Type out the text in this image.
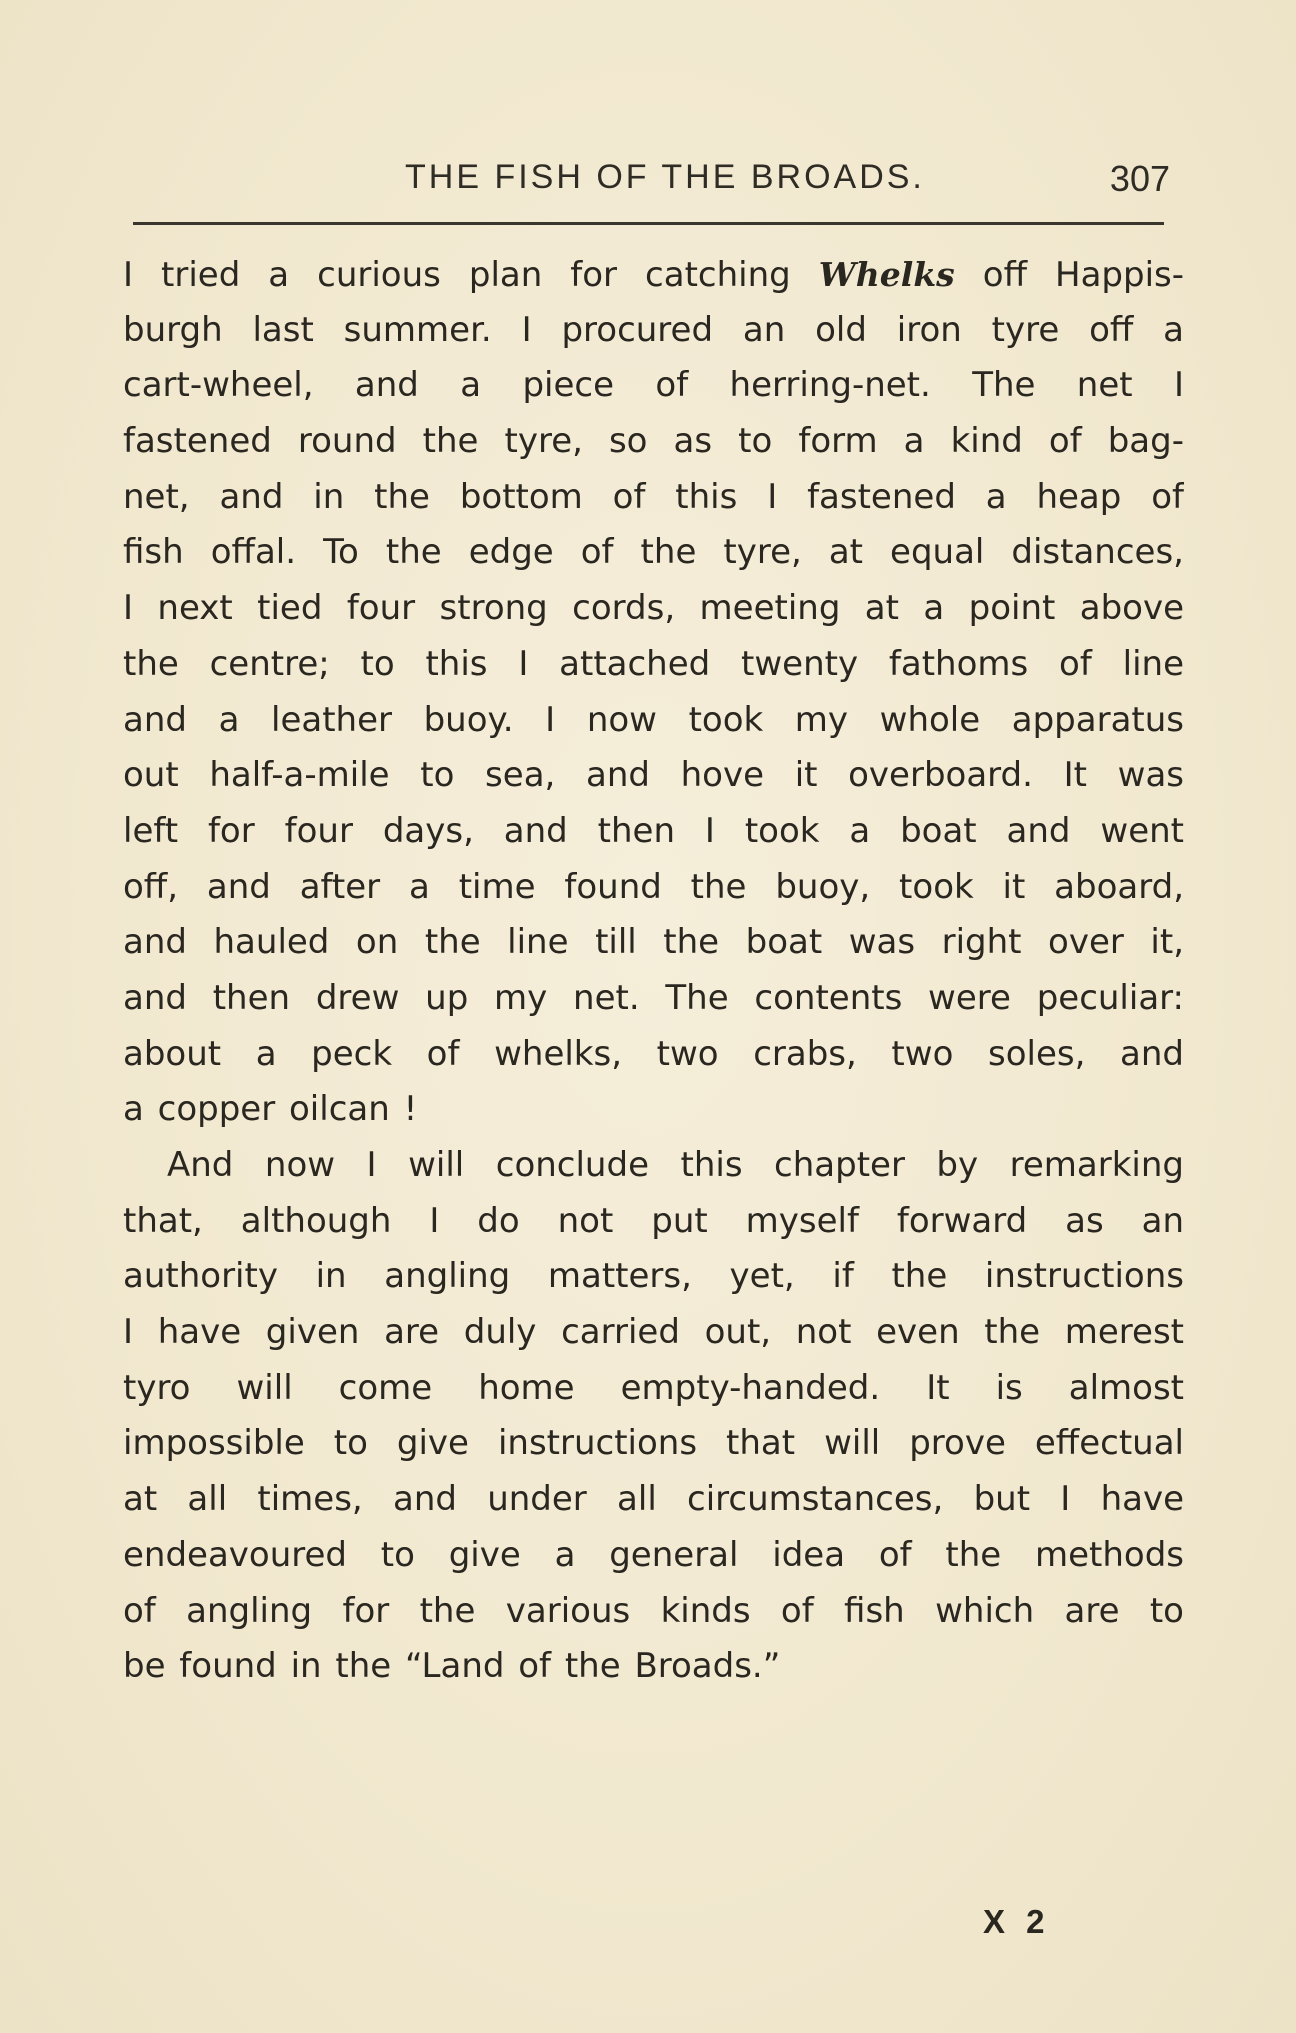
THE FISH OF THE BROADS.	307
I tried a curious plan for catching Whelks off Happis-
burgh last summer. I procured an old iron tyre off a
cart-wheel, and a piece of herring-net. The net I
fastened round the tyre, so as to form a kind of bag-
net, and in the bottom of this I fastened a heap of
fish offal. To the edge of the tyre, at equal distances,
I next tied four strong cords, meeting at a point above
the centre; to this I attached twenty fathoms of line
and a leather buoy. I now took my whole apparatus
out half-a-mile to sea, and hove it overboard. It was
left for four days, and then I took a boat and went
off, and after a time found the buoy, took it aboard,
and hauled on the line till the boat was right over it,
and then drew up my net. The contents were peculiar:
about a peck of whelks, two crabs, two soles, and
a copper oilcan !
And now I will conclude this chapter by remarking
that, although I do not put myself forward as an
authority in angling matters, yet, if the instructions
I have given are duly carried out, not even the merest
tyro will come home empty-handed. It is almost
impossible to give instructions that will prove effectual
at all times, and under all circumstances, but I have
endeavoured to give a general idea of the methods
of angling for the various kinds of fish which are to
be found in the “Land of the Broads.”
X 2
